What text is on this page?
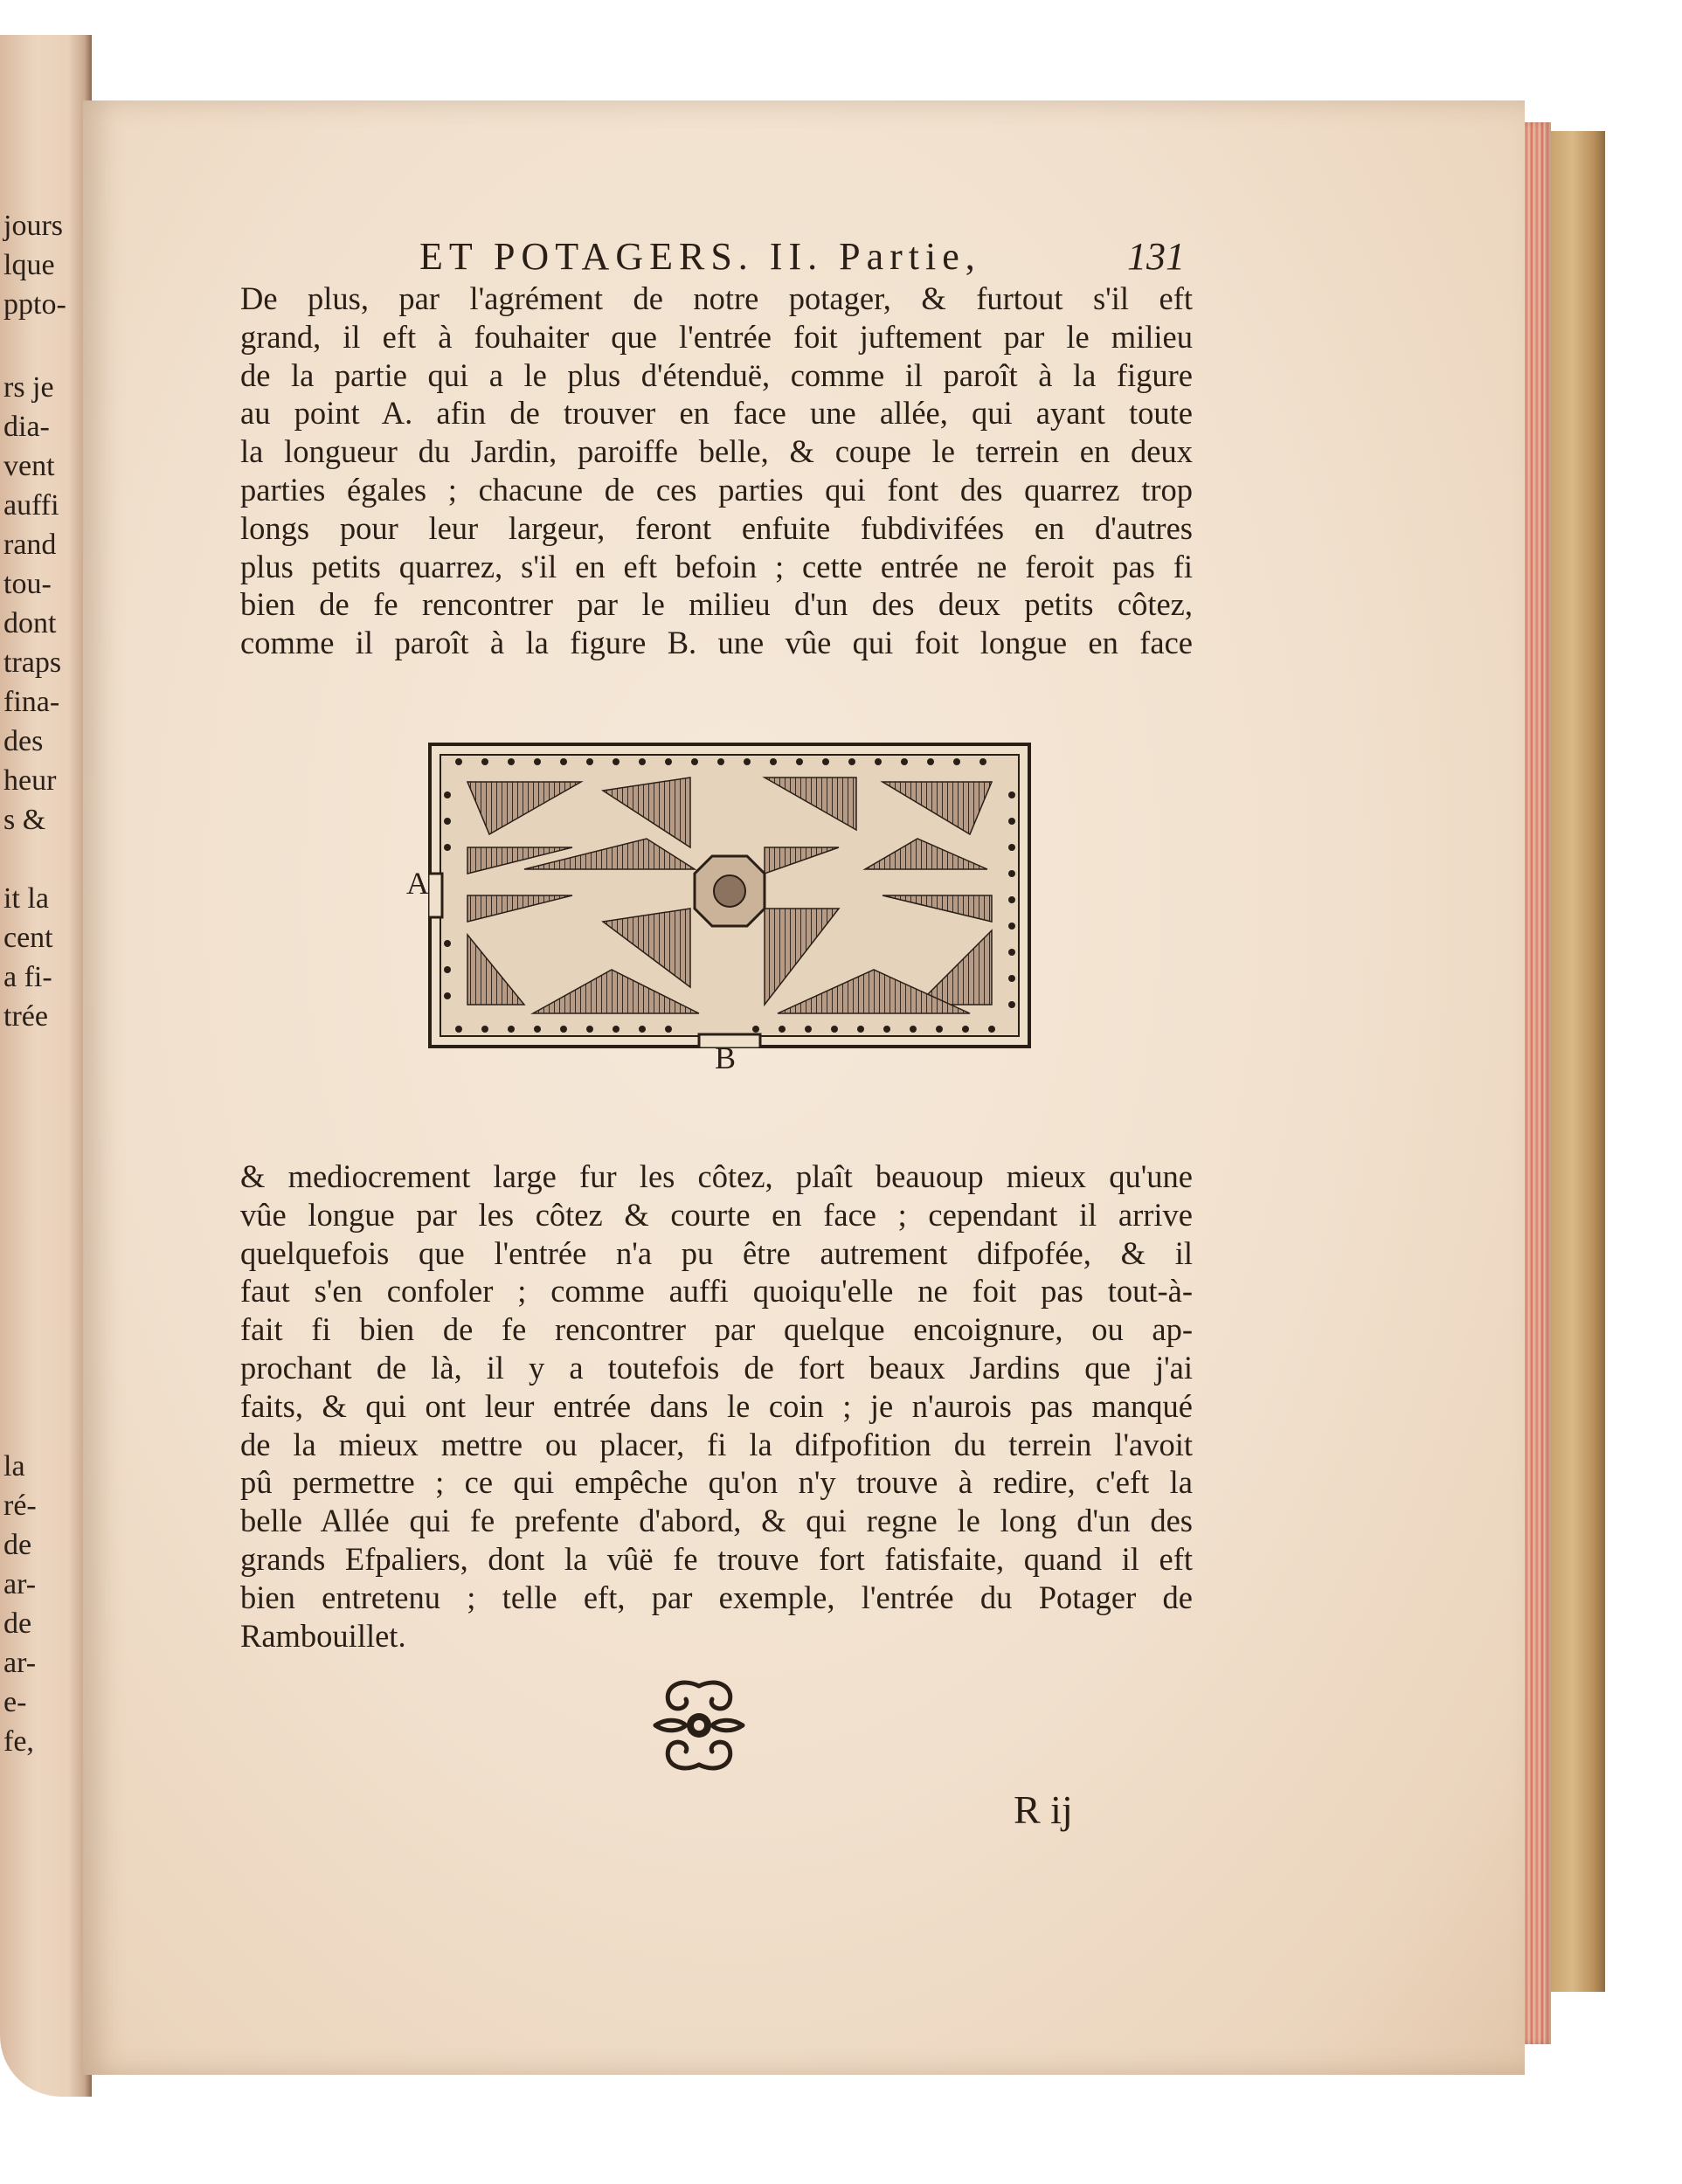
jours
lque
ppto-
rs je
dia-
vent
auffi
rand
tou-
dont
traps
fina-
des
heur
s &
it la
cent
a fi-
trée
la
ré-
de
ar-
de
ar-
e-
fe,
ET POTAGERS. II. Partie,	131

De plus, par l'agrément de notre potager, & furtout s'il eft

grand, il eft à fouhaiter que l'entrée foit juftement par le milieu

de la partie qui a le plus d'étenduë, comme il paroît à la figure

au point A. afin de trouver en face une allée, qui ayant toute

la longueur du Jardin, paroiffe belle, & coupe le terrein en deux

parties égales ; chacune de ces parties qui font des quarrez trop

longs pour leur largeur, feront enfuite fubdivifées en d'autres

plus petits quarrez, s'il en eft befoin ; cette entrée ne feroit pas fi

bien de fe rencontrer par le milieu d'un des deux petits côtez,

comme il paroît à la figure B. une vûe qui foit longue en face

A
B

& mediocrement large fur les côtez, plaît beauoup mieux qu'une

vûe longue par les côtez & courte en face ; cependant il arrive

quelquefois que l'entrée n'a pu être autrement difpofée, & il

faut s'en confoler ; comme auffi quoiqu'elle ne foit pas tout-à-

fait fi bien de fe rencontrer par quelque encoignure, ou ap-

prochant de là, il y a toutefois de fort beaux Jardins que j'ai

faits, & qui ont leur entrée dans le coin ; je n'aurois pas manqué

de la mieux mettre ou placer, fi la difpofition du terrein l'avoit

pû permettre ; ce qui empêche qu'on n'y trouve à redire, c'eft la

belle Allée qui fe prefente d'abord, & qui regne le long d'un des

grands Efpaliers, dont la vûë fe trouve fort fatisfaite, quand il eft

bien entretenu ; telle eft, par exemple, l'entrée du Potager de

Rambouillet.

R ij
